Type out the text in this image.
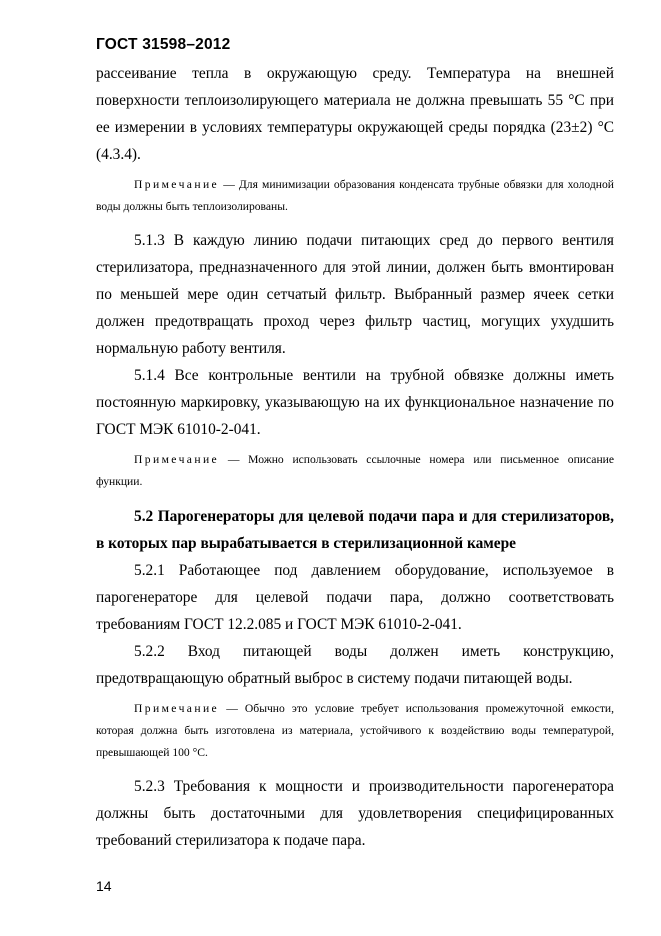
ГОСТ 31598–2012

рассеивание тепла в окружающую среду. Температура на внешней поверхности теплоизолирующего материала не должна превышать 55 °С при ее измерении в условиях температуры окружающей среды порядка (23±2) °С (4.3.4).

Примечание — Для минимизации образования конденсата трубные обвязки для холодной воды должны быть теплоизолированы.

5.1.3 В каждую линию подачи питающих сред до первого вентиля стерилизатора, предназначенного для этой линии, должен быть вмонтирован по меньшей мере один сетчатый фильтр. Выбранный размер ячеек сетки должен предотвращать проход через фильтр частиц, могущих ухудшить нормальную работу вентиля.

5.1.4 Все контрольные вентили на трубной обвязке должны иметь постоянную маркировку, указывающую на их функциональное назначение по ГОСТ МЭК 61010-2-041.

Примечание — Можно использовать ссылочные номера или письменное описание функции.

5.2 Парогенераторы для целевой подачи пара и для стерилизаторов, в которых пар вырабатывается в стерилизационной камере

5.2.1 Работающее под давлением оборудование, используемое в парогенераторе для целевой подачи пара, должно соответствовать требованиям ГОСТ 12.2.085 и ГОСТ МЭК 61010-2-041.

5.2.2 Вход питающей воды должен иметь конструкцию, предотвращающую обратный выброс в систему подачи питающей воды.

Примечание — Обычно это условие требует использования промежуточной емкости, которая должна быть изготовлена из материала, устойчивого к воздействию воды температурой, превышающей 100 °С.

5.2.3 Требования к мощности и производительности парогенератора должны быть достаточными для удовлетворения специфицированных требований стерилизатора к подаче пара.

14
